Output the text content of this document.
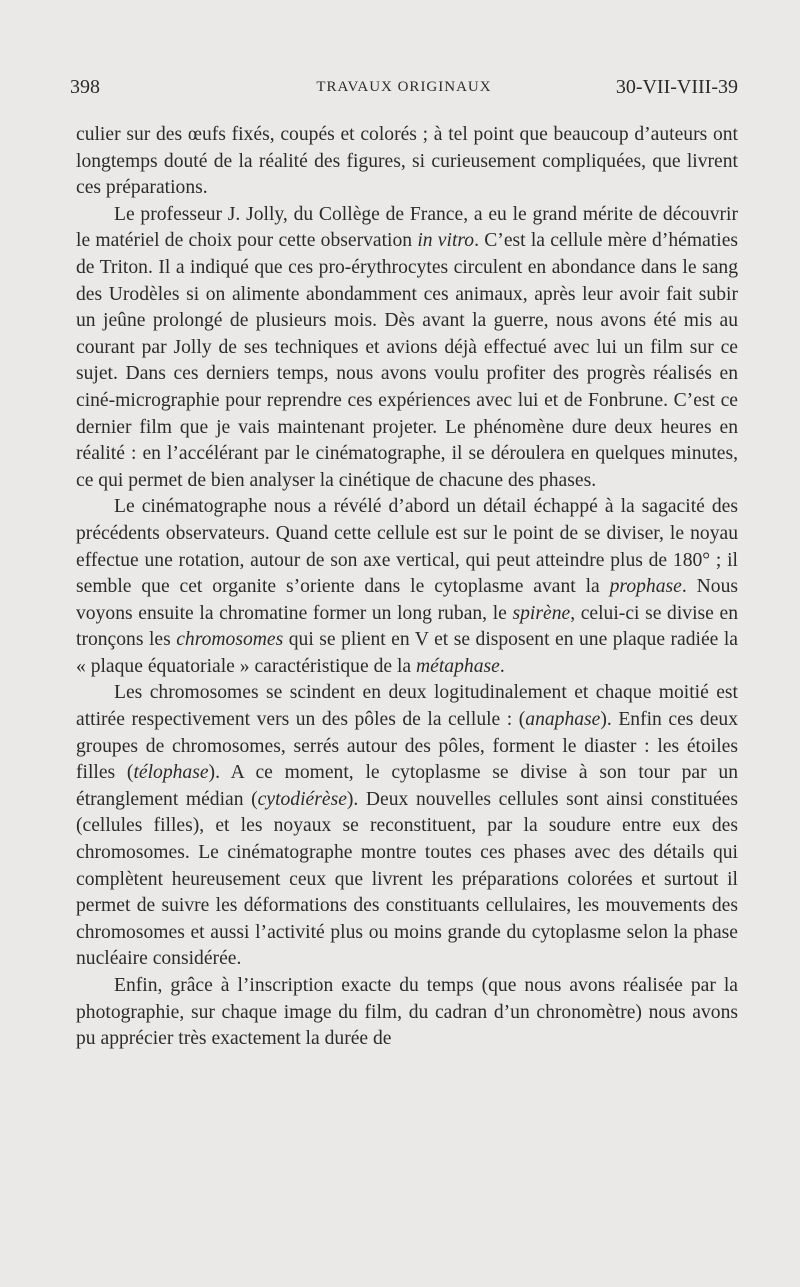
398	TRAVAUX ORIGINAUX	30-VII-VIII-39

culier sur des œufs fixés, coupés et colorés ; à tel point que beaucoup d’auteurs ont longtemps douté de la réalité des figures, si curieusement compliquées, que livrent ces préparations.

Le professeur J. Jolly, du Collège de France, a eu le grand mérite de découvrir le matériel de choix pour cette observation in vitro. C’est la cellule mère d’hématies de Triton. Il a indiqué que ces pro-érythrocytes circulent en abondance dans le sang des Urodèles si on alimente abondamment ces animaux, après leur avoir fait subir un jeûne prolongé de plusieurs mois. Dès avant la guerre, nous avons été mis au courant par Jolly de ses techniques et avions déjà effectué avec lui un film sur ce sujet. Dans ces derniers temps, nous avons voulu profiter des progrès réalisés en ciné-micrographie pour reprendre ces expériences avec lui et de Fonbrune. C’est ce dernier film que je vais maintenant projeter. Le phénomène dure deux heures en réalité : en l’accélérant par le cinématographe, il se déroulera en quelques minutes, ce qui permet de bien analyser la cinétique de chacune des phases.

Le cinématographe nous a révélé d’abord un détail échappé à la sagacité des précédents observateurs. Quand cette cellule est sur le point de se diviser, le noyau effectue une rotation, autour de son axe vertical, qui peut atteindre plus de 180° ; il semble que cet organite s’oriente dans le cytoplasme avant la prophase. Nous voyons ensuite la chromatine former un long ruban, le spirène, celui-ci se divise en tronçons les chromosomes qui se plient en V et se disposent en une plaque radiée la « plaque équatoriale » caractéristique de la métaphase.

Les chromosomes se scindent en deux logitudinalement et chaque moitié est attirée respectivement vers un des pôles de la cellule : (anaphase). Enfin ces deux groupes de chromosomes, serrés autour des pôles, forment le diaster : les étoiles filles (télophase). A ce moment, le cytoplasme se divise à son tour par un étranglement médian (cytodiérèse). Deux nouvelles cellules sont ainsi constituées (cellules filles), et les noyaux se reconstituent, par la soudure entre eux des chromosomes. Le cinématographe montre toutes ces phases avec des détails qui complètent heureusement ceux que livrent les préparations colorées et surtout il permet de suivre les déformations des constituants cellulaires, les mouvements des chromosomes et aussi l’activité plus ou moins grande du cytoplasme selon la phase nucléaire considérée.

Enfin, grâce à l’inscription exacte du temps (que nous avons réalisée par la photographie, sur chaque image du film, du cadran d’un chronomètre) nous avons pu apprécier très exactement la durée de
